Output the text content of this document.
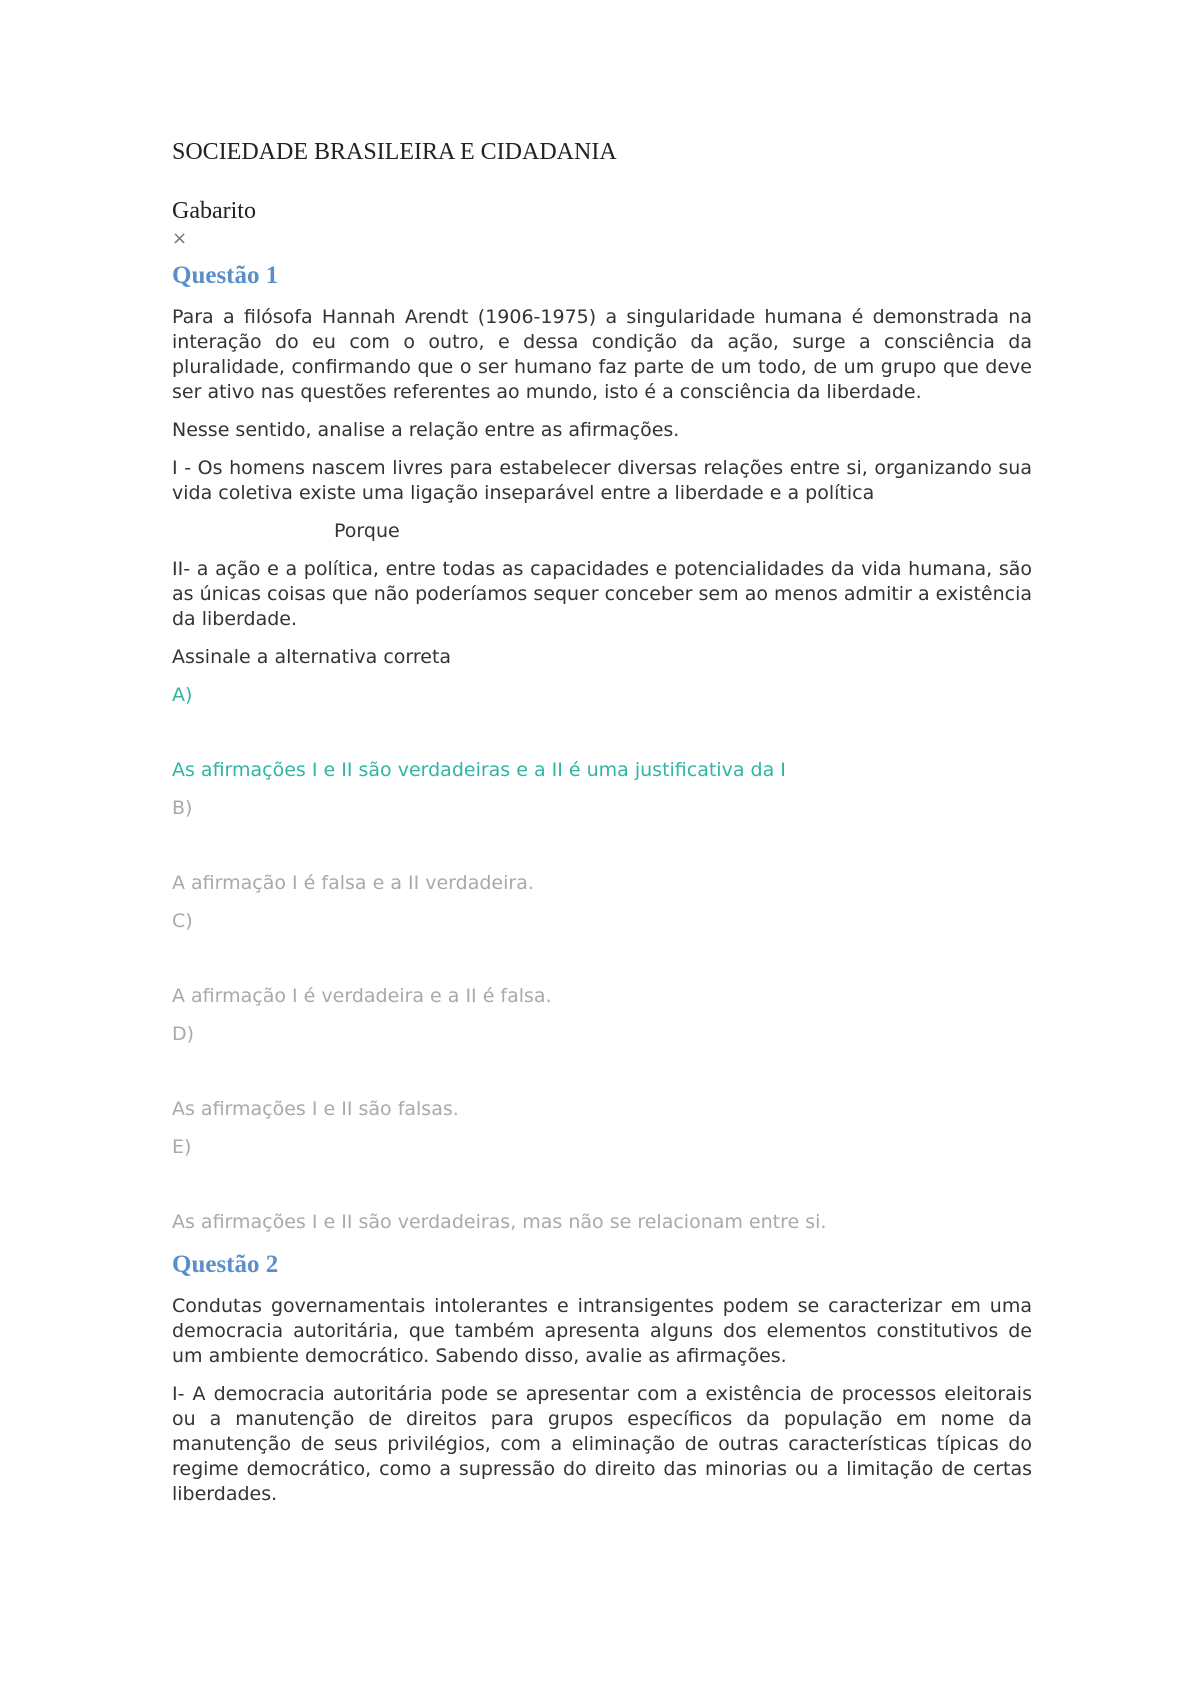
SOCIEDADE BRASILEIRA E CIDADANIA
Gabarito
×
Questão 1

Para a filósofa Hannah Arendt (1906-1975) a singularidade humana é demonstrada na interação do eu com o outro, e dessa condição da ação, surge a consciência da pluralidade, confirmando que o ser humano faz parte de um todo, de um grupo que deve ser ativo nas questões referentes ao mundo, isto é a consciência da liberdade.

Nesse sentido, analise a relação entre as afirmações.

I - Os homens nascem livres para estabelecer diversas relações entre si, organizando sua vida coletiva existe uma ligação inseparável entre a liberdade e a política

Porque

II- a ação e a política, entre todas as capacidades e potencialidades da vida humana, são as únicas coisas que não poderíamos sequer conceber sem ao menos admitir a existência da liberdade.

Assinale a alternativa correta

A)
As afirmações I e II são verdadeiras e a II é uma justificativa da I
B)
A afirmação I é falsa e a II verdadeira.
C)
A afirmação I é verdadeira e a II é falsa.
D)
As afirmações I e II são falsas.
E)
As afirmações I e II são verdadeiras, mas não se relacionam entre si.
Questão 2

Condutas governamentais intolerantes e intransigentes podem se caracterizar em uma democracia autoritária, que também apresenta alguns dos elementos constitutivos de um ambiente democrático. Sabendo disso, avalie as afirmações.

I- A democracia autoritária pode se apresentar com a existência de processos eleitorais ou a manutenção de direitos para grupos específicos da população em nome da manutenção de seus privilégios, com a eliminação de outras características típicas do regime democrático, como a supressão do direito das minorias ou a limitação de certas liberdades.
